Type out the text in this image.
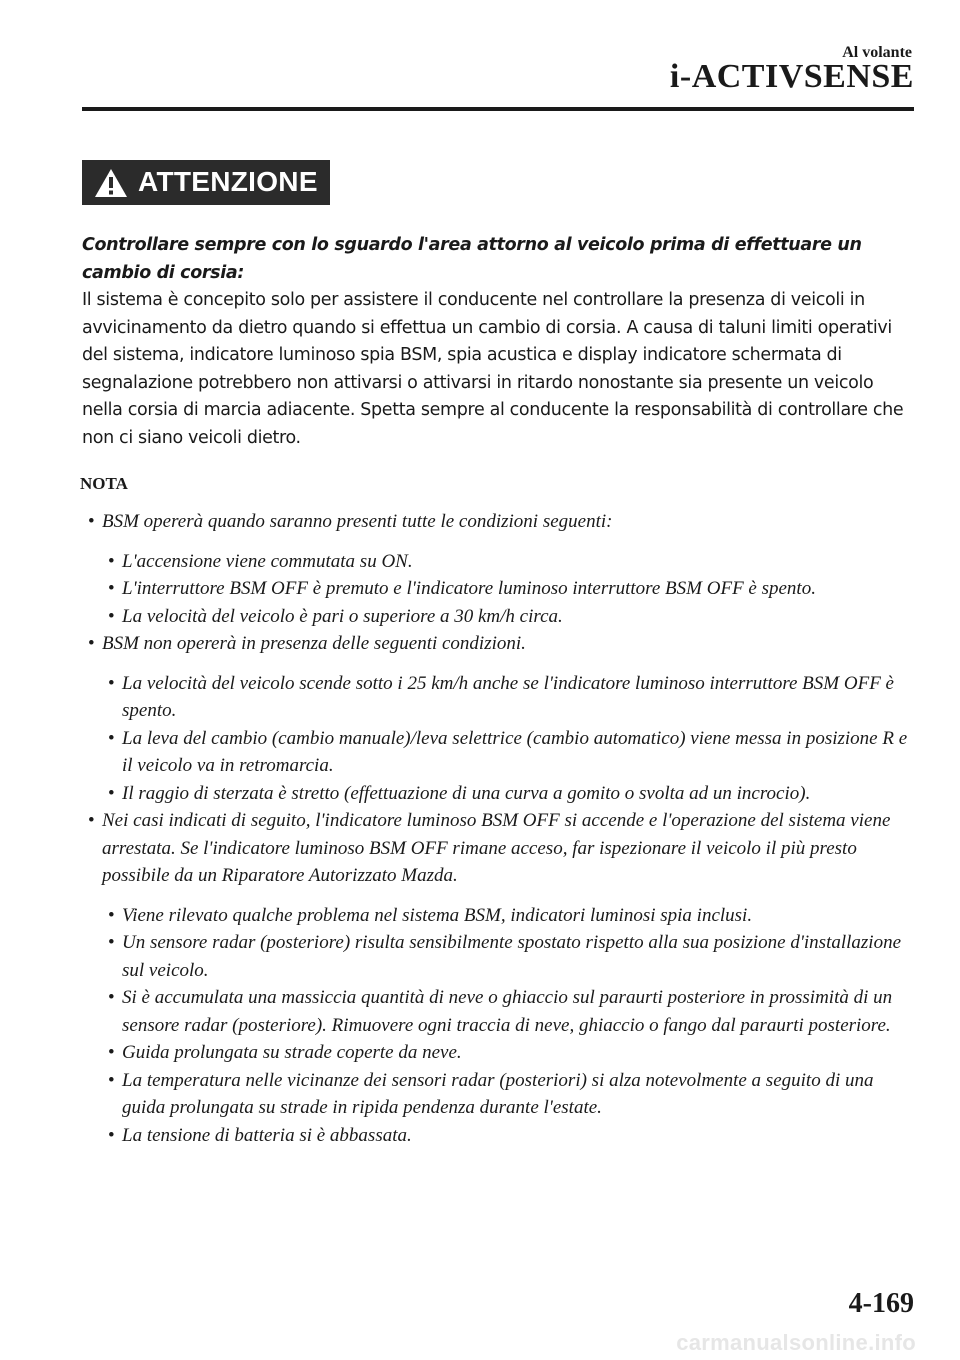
Al volante
i-ACTIVSENSE
ATTENZIONE

Controllare sempre con lo sguardo l'area attorno al veicolo prima di effettuare un cambio di corsia:

Il sistema è concepito solo per assistere il conducente nel controllare la presenza di veicoli in avvicinamento da dietro quando si effettua un cambio di corsia. A causa di taluni limiti operativi del sistema, indicatore luminoso spia BSM, spia acustica e display indicatore schermata di segnalazione potrebbero non attivarsi o attivarsi in ritardo nonostante sia presente un veicolo nella corsia di marcia adiacente. Spetta sempre al conducente la responsabilità di controllare che non ci siano veicoli dietro.

NOTA

• BSM opererà quando saranno presenti tutte le condizioni seguenti:

• L'accensione viene commutata su ON.

• L'interruttore BSM OFF è premuto e l'indicatore luminoso interruttore BSM OFF è spento.

• La velocità del veicolo è pari o superiore a 30 km/h circa.

• BSM non opererà in presenza delle seguenti condizioni.

• La velocità del veicolo scende sotto i 25 km/h anche se l'indicatore luminoso interruttore BSM OFF è spento.

• La leva del cambio (cambio manuale)/leva selettrice (cambio automatico) viene messa in posizione R e il veicolo va in retromarcia.

• Il raggio di sterzata è stretto (effettuazione di una curva a gomito o svolta ad un incrocio).

• Nei casi indicati di seguito, l'indicatore luminoso BSM OFF si accende e l'operazione del sistema viene arrestata. Se l'indicatore luminoso BSM OFF rimane acceso, far ispezionare il veicolo il più presto possibile da un Riparatore Autorizzato Mazda.

• Viene rilevato qualche problema nel sistema BSM, indicatori luminosi spia inclusi.

• Un sensore radar (posteriore) risulta sensibilmente spostato rispetto alla sua posizione d'installazione sul veicolo.

• Si è accumulata una massiccia quantità di neve o ghiaccio sul paraurti posteriore in prossimità di un sensore radar (posteriore). Rimuovere ogni traccia di neve, ghiaccio o fango dal paraurti posteriore.

• Guida prolungata su strade coperte da neve.

• La temperatura nelle vicinanze dei sensori radar (posteriori) si alza notevolmente a seguito di una guida prolungata su strade in ripida pendenza durante l'estate.

• La tensione di batteria si è abbassata.

4-169
carmanualsonline.info
